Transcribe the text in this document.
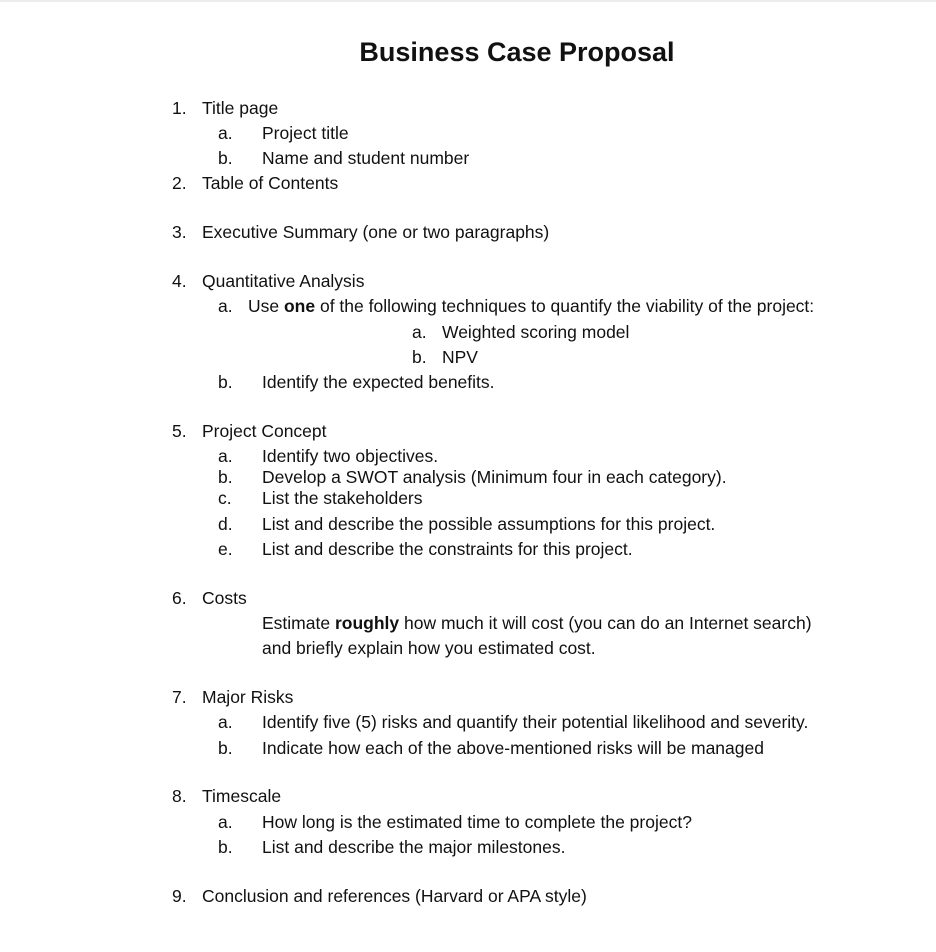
Business Case Proposal
1. Title page
a. Project title
b. Name and student number
2. Table of Contents
3. Executive Summary (one or two paragraphs)
4. Quantitative Analysis
a. Use one of the following techniques to quantify the viability of the project:
a. Weighted scoring model
b. NPV
b. Identify the expected benefits.
5. Project Concept
a. Identify two objectives.
b. Develop a SWOT analysis (Minimum four in each category).
c. List the stakeholders
d. List and describe the possible assumptions for this project.
e. List and describe the constraints for this project.
6. Costs
Estimate roughly how much it will cost (you can do an Internet search)
and briefly explain how you estimated cost.
7. Major Risks
a. Identify five (5) risks and quantify their potential likelihood and severity.
b. Indicate how each of the above-mentioned risks will be managed
8. Timescale
a. How long is the estimated time to complete the project?
b. List and describe the major milestones.
9. Conclusion and references (Harvard or APA style)
